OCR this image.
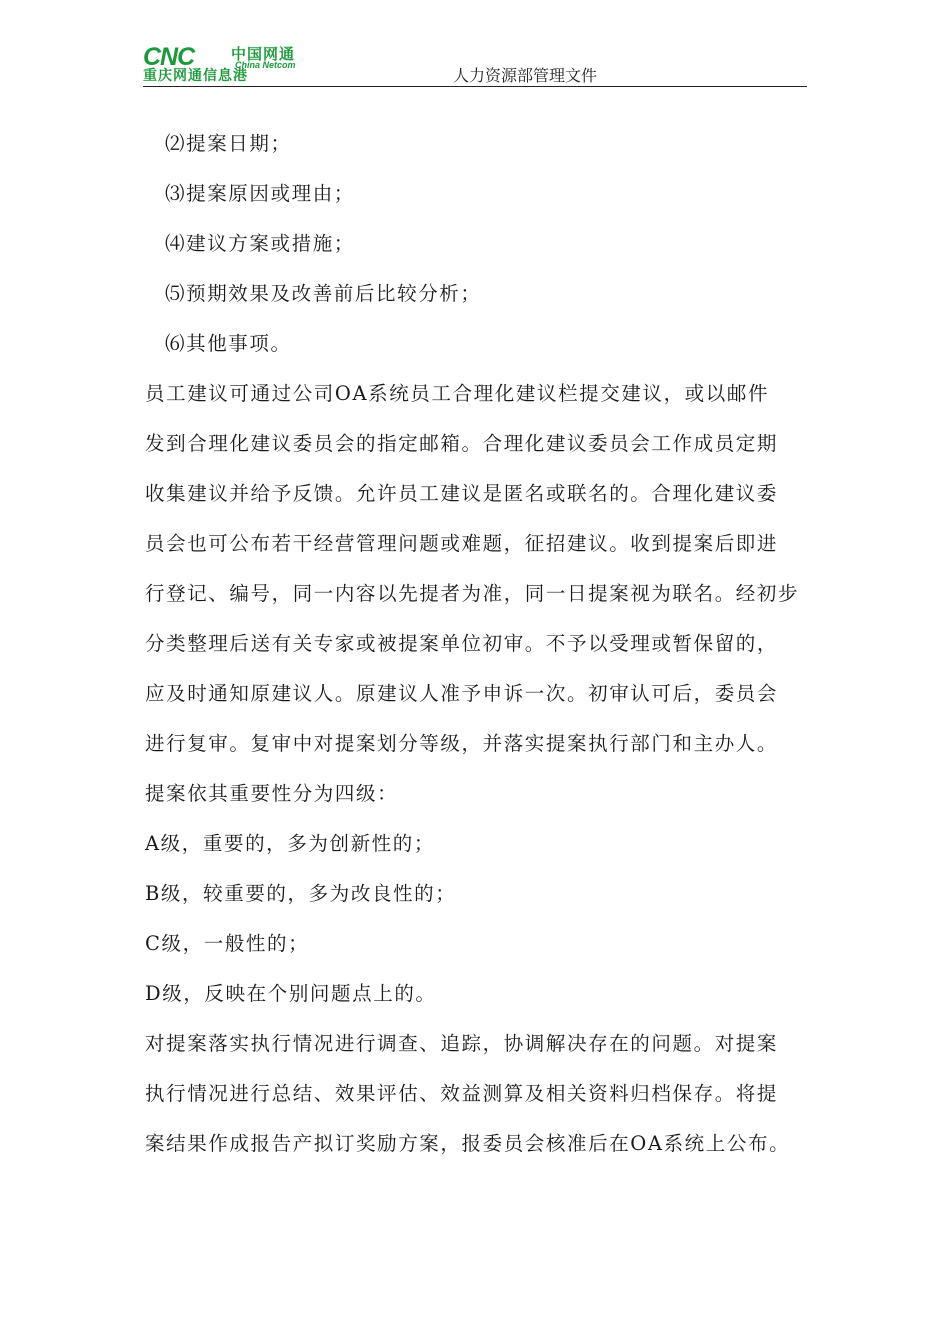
CNC 中国网通
China Netcom
重庆网通信息港	人力资源部管理文件
⑵提案日期；
⑶提案原因或理由；
⑷建议方案或措施；
⑸预期效果及改善前后比较分析；
⑹其他事项。
员工建议可通过公司OA系统员工合理化建议栏提交建议，或以邮件
发到合理化建议委员会的指定邮箱。合理化建议委员会工作成员定期
收集建议并给予反馈。允许员工建议是匿名或联名的。合理化建议委
员会也可公布若干经营管理问题或难题，征招建议。收到提案后即进
行登记、编号，同一内容以先提者为准，同一日提案视为联名。经初步
分类整理后送有关专家或被提案单位初审。不予以受理或暂保留的，
应及时通知原建议人。原建议人准予申诉一次。初审认可后，委员会
进行复审。复审中对提案划分等级，并落实提案执行部门和主办人。
提案依其重要性分为四级：
A级，重要的，多为创新性的；
B级，较重要的，多为改良性的；
C级，一般性的；
D级，反映在个别问题点上的。
对提案落实执行情况进行调查、追踪，协调解决存在的问题。对提案
执行情况进行总结、效果评估、效益测算及相关资料归档保存。将提
案结果作成报告产拟订奖励方案，报委员会核准后在OA系统上公布。
